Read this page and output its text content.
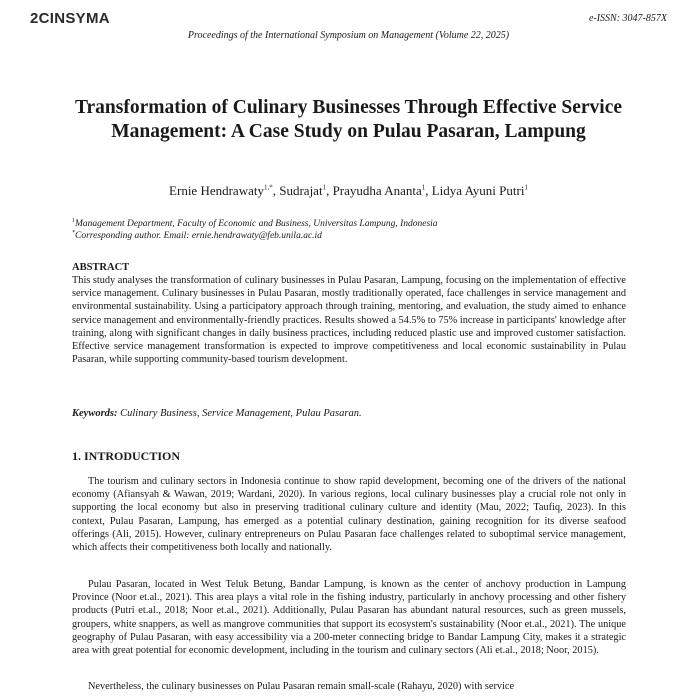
2CINSYMA	e-ISSN: 3047-857X
Proceedings of the International Symposium on Management (Volume 22, 2025)
Transformation of Culinary Businesses Through Effective Service Management: A Case Study on Pulau Pasaran, Lampung
Ernie Hendrawaty$^{1,*}$, Sudrajat$^1$, Prayudha Ananta$^1$, Lidya Ayuni Putri$^1$
$^1$Management Department, Faculty of Economic and Business, Universitas Lampung, Indonesia
*Corresponding author. Email: ernie.hendrawaty@feb.unila.ac.id
ABSTRACT

This study analyses the transformation of culinary businesses in Pulau Pasaran, Lampung, focusing on the implementation of effective service management. Culinary businesses in Pulau Pasaran, mostly traditionally operated, face challenges in service management and environmental sustainability. Using a participatory approach through training, mentoring, and evaluation, the study aimed to enhance service management and environmentally-friendly practices. Results showed a 54.5% to 75% increase in participants' knowledge after training, along with significant changes in daily business practices, including reduced plastic use and improved customer satisfaction. Effective service management transformation is expected to improve competitiveness and local economic sustainability in Pulau Pasaran, while supporting community-based tourism development.

Keywords: Culinary Business, Service Management, Pulau Pasaran.
1. INTRODUCTION

The tourism and culinary sectors in Indonesia continue to show rapid development, becoming one of the drivers of the national economy (Afiansyah & Wawan, 2019; Wardani, 2020). In various regions, local culinary businesses play a crucial role not only in supporting the local economy but also in preserving traditional culinary culture and identity (Mau, 2022; Taufiq, 2023). In this context, Pulau Pasaran, Lampung, has emerged as a potential culinary destination, gaining recognition for its diverse seafood offerings (Ali, 2015). However, culinary entrepreneurs on Pulau Pasaran face challenges related to suboptimal service management, which affects their competitiveness both locally and nationally.

Pulau Pasaran, located in West Teluk Betung, Bandar Lampung, is known as the center of anchovy production in Lampung Province (Noor et.al., 2021). This area plays a vital role in the fishing industry, particularly in anchovy processing and other fishery products (Putri et.al., 2018; Noor et.al., 2021). Additionally, Pulau Pasaran has abundant natural resources, such as green mussels, groupers, white snappers, as well as mangrove communities that support its ecosystem's sustainability (Noor et.al., 2021). The unique geography of Pulau Pasaran, with easy accessibility via a 200-meter connecting bridge to Bandar Lampung City, makes it a strategic area with great potential for economic development, including in the tourism and culinary sectors (Ali et.al., 2018; Noor, 2015).

Nevertheless, the culinary businesses on Pulau Pasaran remain small-scale (Rahayu, 2020) with service
